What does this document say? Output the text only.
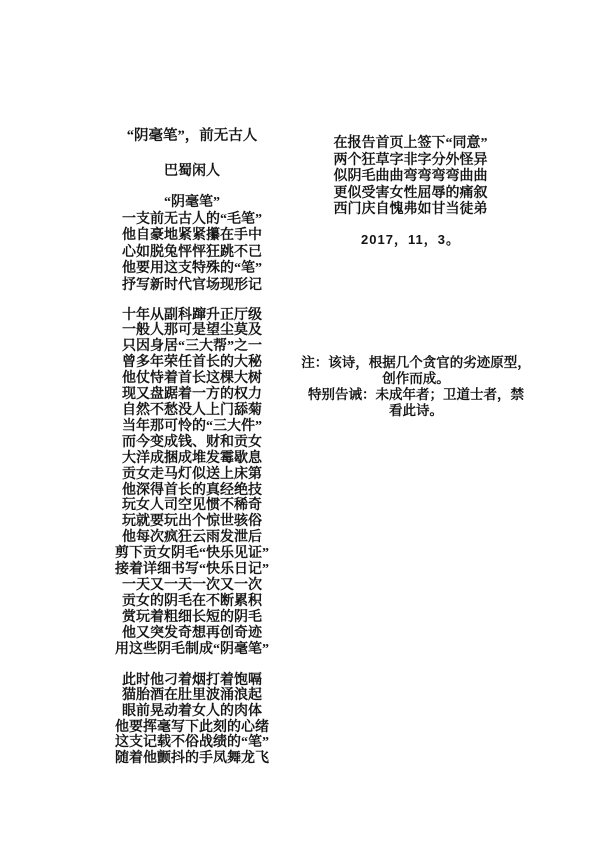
“阴毫笔”，前无古人
巴蜀闲人
“阴毫笔”
一支前无古人的“毛笔”
他自豪地紧紧攥在手中
心如脱兔怦怦狂跳不已
他要用这支特殊的“笔”
抒写新时代官场现形记
十年从副科蹿升正厅级
一般人那可是望尘莫及
只因身居“三大帮”之一
曾多年荣任首长的大秘
他仗恃着首长这棵大树
现又盘踞着一方的权力
自然不愁没人上门舔菊
当年那可怜的“三大件”
而今变成钱、财和贡女
大洋成捆成堆发霉歇息
贡女走马灯似送上床第
他深得首长的真经绝技
玩女人司空见惯不稀奇
玩就要玩出个惊世骇俗
他每次疯狂云雨发泄后
剪下贡女阴毛“快乐见证”
接着详细书写“快乐日记”
一天又一天一次又一次
贡女的阴毛在不断累积
赏玩着粗细长短的阴毛
他又突发奇想再创奇迹
用这些阴毛制成“阴毫笔”
此时他刁着烟打着饱嗝
猫胎酒在肚里波涌浪起
眼前晃动着女人的肉体
他要挥毫写下此刻的心绪
这支记载不俗战绩的“笔”
随着他颤抖的手凤舞龙飞
在报告首页上签下“同意”
两个狂草字非字分外怪异
似阴毛曲曲弯弯弯弯曲曲
更似受害女性屈辱的痛叙
西门庆自愧弗如甘当徒弟
2017，11，3。
注：该诗，根据几个贪官的劣迹原型，
创作而成。
特别告诫：未成年者；卫道士者，禁
看此诗。
